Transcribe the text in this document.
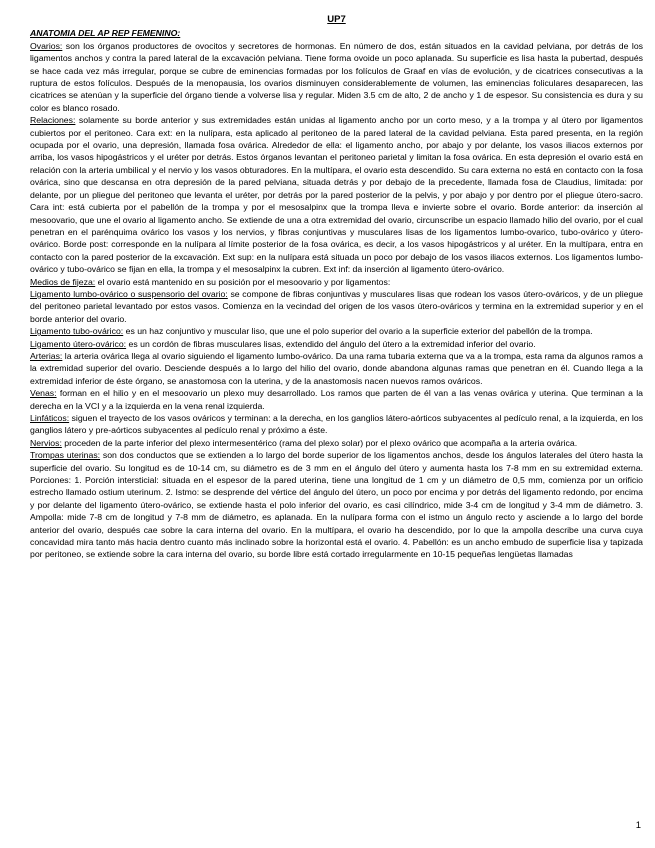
UP7
ANATOMIA DEL AP REP FEMENINO:

Ovarios: son los órganos productores de ovocitos y secretores de hormonas. En número de dos, están situados en la cavidad pelviana, por detrás de los ligamentos anchos y contra la pared lateral de la excavación pelviana. Tiene forma ovoide un poco aplanada. Su superficie es lisa hasta la pubertad, después se hace cada vez más irregular, porque se cubre de eminencias formadas por los folículos de Graaf en vías de evolución, y de cicatrices consecutivas a la ruptura de estos folículos. Después de la menopausia, los ovarios disminuyen considerablemente de volumen, las eminencias foliculares desaparecen, las cicatrices se atenúan y la superficie del órgano tiende a volverse lisa y regular. Miden 3.5 cm de alto, 2 de ancho y 1 de espesor. Su consistencia es dura y su color es blanco rosado.

Relaciones: solamente su borde anterior y sus extremidades están unidas al ligamento ancho por un corto meso, y a la trompa y al útero por ligamentos cubiertos por el peritoneo. Cara ext: en la nulípara, esta aplicado al peritoneo de la pared lateral de la cavidad pelviana. Esta pared presenta, en la región ocupada por el ovario, una depresión, llamada fosa ovárica. Alrededor de ella: el ligamento ancho, por abajo y por delante, los vasos iliacos externos por arriba, los vasos hipogástricos y el uréter por detrás. Estos órganos levantan el peritoneo parietal y limitan la fosa ovárica. En esta depresión el ovario está en relación con la arteria umbilical y el nervio y los vasos obturadores. En la multípara, el ovario esta descendido. Su cara externa no está en contacto con la fosa ovárica, sino que descansa en otra depresión de la pared pelviana, situada detrás y por debajo de la precedente, llamada fosa de Claudius, limitada: por delante, por un pliegue del peritoneo que levanta el uréter, por detrás por la pared posterior de la pelvis, y por abajo y por dentro por el pliegue útero-sacro. Cara int: está cubierta por el pabellón de la trompa y por el mesosalpinx que la trompa lleva e invierte sobre el ovario. Borde anterior: da inserción al mesoovario, que une el ovario al ligamento ancho. Se extiende de una a otra extremidad del ovario, circunscribe un espacio llamado hilio del ovario, por el cual penetran en el parénquima ovárico los vasos y los nervios, y fibras conjuntivas y musculares lisas de los ligamentos lumbo-ovarico, tubo-ovárico y útero-ovárico. Borde post: corresponde en la nulípara al límite posterior de la fosa ovárica, es decir, a los vasos hipogástricos y al uréter. En la multípara, entra en contacto con la pared posterior de la excavación. Ext sup: en la nulípara está situada un poco por debajo de los vasos iliacos externos. Los ligamentos lumbo-ovárico y tubo-ovárico se fijan en ella, la trompa y el mesosalpinx la cubren. Ext inf: da inserción al ligamento útero-ovárico.

Medios de fijeza: el ovario está mantenido en su posición por el mesoovario y por ligamentos:

Ligamento lumbo-ovárico o suspensorio del ovario: se compone de fibras conjuntivas y musculares lisas que rodean los vasos útero-ováricos, y de un pliegue del peritoneo parietal levantado por estos vasos. Comienza en la vecindad del origen de los vasos útero-ováricos y termina en la extremidad superior y en el borde anterior del ovario.

Ligamento tubo-ovárico: es un haz conjuntivo y muscular liso, que une el polo superior del ovario a la superficie exterior del pabellón de la trompa.

Ligamento útero-ovárico: es un cordón de fibras musculares lisas, extendido del ángulo del útero a la extremidad inferior del ovario.

Arterias: la arteria ovárica llega al ovario siguiendo el ligamento lumbo-ovárico. Da una rama tubaria externa que va a la trompa, esta rama da algunos ramos a la extremidad superior del ovario. Desciende después a lo largo del hilio del ovario, donde abandona algunas ramas que penetran en él. Cuando llega a la extremidad inferior de éste órgano, se anastomosa con la uterina, y de la anastomosis nacen nuevos ramos ováricos.

Venas: forman en el hilio y en el mesoovario un plexo muy desarrollado. Los ramos que parten de él van a las venas ovárica y uterina. Que terminan a la derecha en la VCI y a la izquierda en la vena renal izquierda.

Linfáticos: siguen el trayecto de los vasos ováricos y terminan: a la derecha, en los ganglios látero-aórticos subyacentes al pedículo renal, a la izquierda, en los ganglios látero y pre-aórticos subyacentes al pedículo renal y próximo a éste.

Nervios: proceden de la parte inferior del plexo intermesentérico (rama del plexo solar) por el plexo ovárico que acompaña a la arteria ovárica.

Trompas uterinas: son dos conductos que se extienden a lo largo del borde superior de los ligamentos anchos, desde los ángulos laterales del útero hasta la superficie del ovario. Su longitud es de 10-14 cm, su diámetro es de 3 mm en el ángulo del útero y aumenta hasta los 7-8 mm en su extremidad externa. Porciones: 1. Porción intersticial: situada en el espesor de la pared uterina, tiene una longitud de 1 cm y un diámetro de 0,5 mm, comienza por un orificio estrecho llamado ostium uterinum. 2. Istmo: se desprende del vértice del ángulo del útero, un poco por encima y por detrás del ligamento redondo, por encima y por delante del ligamento útero-ovárico, se extiende hasta el polo inferior del ovario, es casi cilíndrico, mide 3-4 cm de longitud y 3-4 mm de diámetro. 3. Ampolla: mide 7-8 cm de longitud y 7-8 mm de diámetro, es aplanada. En la nulípara forma con el istmo un ángulo recto y asciende a lo largo del borde anterior del ovario, después cae sobre la cara interna del ovario. En la multípara, el ovario ha descendido, por lo que la ampolla describe una curva cuya concavidad mira tanto más hacia dentro cuanto más inclinado sobre la horizontal está el ovario. 4. Pabellón: es un ancho embudo de superficie lisa y tapizada por peritoneo, se extiende sobre la cara interna del ovario, su borde libre está cortado irregularmente en 10-15 pequeñas lengüetas llamadas

1
